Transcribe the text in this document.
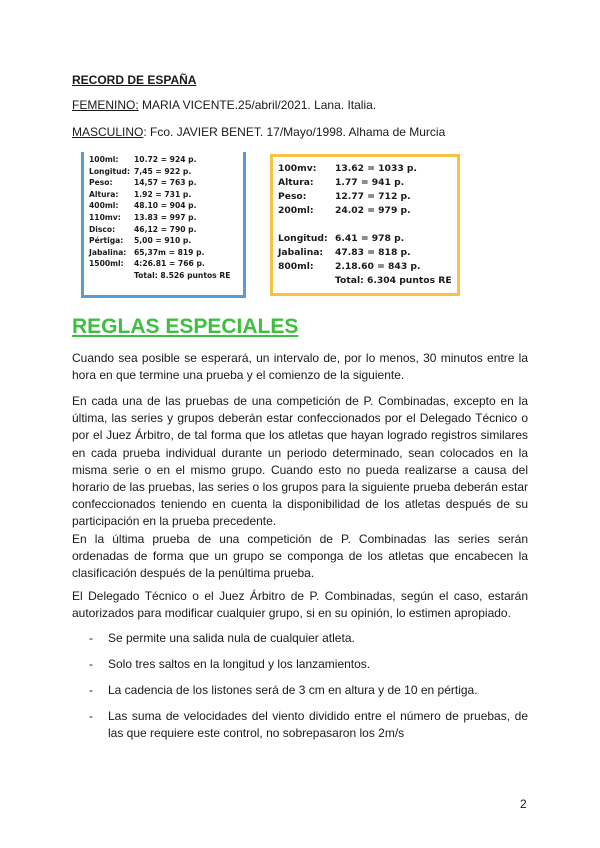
RECORD DE ESPAÑA
FEMENINO: MARIA VICENTE.25/abril/2021. Lana. Italia.
MASCULINO: Fco. JAVIER BENET. 17/Mayo/1998. Alhama de Murcia
100ml:	10.72 = 924 p.
Longitud: 7,45 = 922 p.
Peso:	14,57 = 763 p.
Altura:	1.92 = 731 p.
400ml:	48.10 = 904 p.
110mv:	13.83 = 997 p.
Disco:	46,12 = 790 p.
Pértiga:	5,00 = 910 p.
Jabalina:	65,37m = 819 p.
1500ml:	4:26.81 = 766 p.
Total: 8.526 puntos RE
100mv:	13.62 = 1033 p.
Altura:	1.77 = 941 p.
Peso:	12.77 = 712 p.
200ml:	24.02 = 979 p.
Longitud: 6.41 = 978 p.
Jabalina:	47.83 = 818 p.
800ml:	2.18.60 = 843 p.
Total: 6.304 puntos RE
REGLAS ESPECIALES
Cuando sea posible se esperará, un intervalo de, por lo menos, 30 minutos entre la hora en que termine una prueba y el comienzo de la siguiente.
En cada una de las pruebas de una competición de P. Combinadas, excepto en la última, las series y grupos deberán estar confeccionados por el Delegado Técnico o por el Juez Árbitro, de tal forma que los atletas que hayan logrado registros similares en cada prueba individual durante un periodo determinado, sean colocados en la misma serie o en el mismo grupo. Cuando esto no pueda realizarse a causa del horario de las pruebas, las series o los grupos para la siguiente prueba deberán estar confeccionados teniendo en cuenta la disponibilidad de los atletas después de su participación en la prueba precedente.
En la última prueba de una competición de P. Combinadas las series serán ordenadas de forma que un grupo se componga de los atletas que encabecen la clasificación después de la penúltima prueba.
El Delegado Técnico o el Juez Árbitro de P. Combinadas, según el caso, estarán autorizados para modificar cualquier grupo, si en su opinión, lo estimen apropiado.
- Se permite una salida nula de cualquier atleta.
- Solo tres saltos en la longitud y los lanzamientos.
- La cadencia de los listones será de 3 cm en altura y de 10 en pértiga.
- Las suma de velocidades del viento dividido entre el número de pruebas, de las que requiere este control, no sobrepasaron los 2m/s
2
